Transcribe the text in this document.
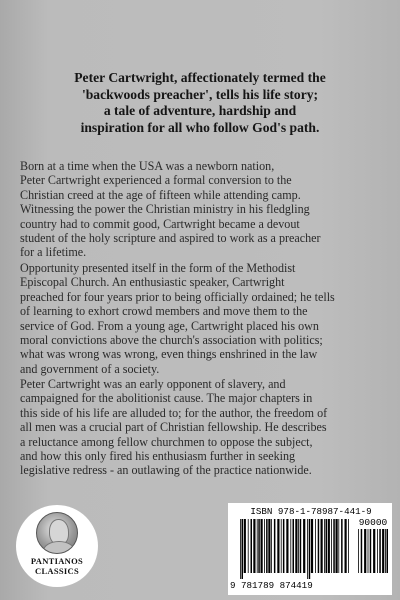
Peter Cartwright, affectionately termed the
'backwoods preacher', tells his life story;
a tale of adventure, hardship and
inspiration for all who follow God's path.
Born at a time when the USA was a newborn nation,
Peter Cartwright experienced a formal conversion to the
Christian creed at the age of fifteen while attending camp.
Witnessing the power the Christian ministry in his fledgling
country had to commit good, Cartwright became a devout
student of the holy scripture and aspired to work as a preacher
for a lifetime.
Opportunity presented itself in the form of the Methodist
Episcopal Church. An enthusiastic speaker, Cartwright
preached for four years prior to being officially ordained; he tells
of learning to exhort crowd members and move them to the
service of God. From a young age, Cartwright placed his own
moral convictions above the church's association with politics;
what was wrong was wrong, even things enshrined in the law
and government of a society.
Peter Cartwright was an early opponent of slavery, and
campaigned for the abolitionist cause. The major chapters in
this side of his life are alluded to; for the author, the freedom of
all men was a crucial part of Christian fellowship. He describes
a reluctance among fellow churchmen to oppose the subject,
and how this only fired his enthusiasm further in seeking
legislative redress - an outlawing of the practice nationwide.
PANTIANOS
CLASSICS
ISBN 978-1-78987-441-9
90000
9 781789 874419
